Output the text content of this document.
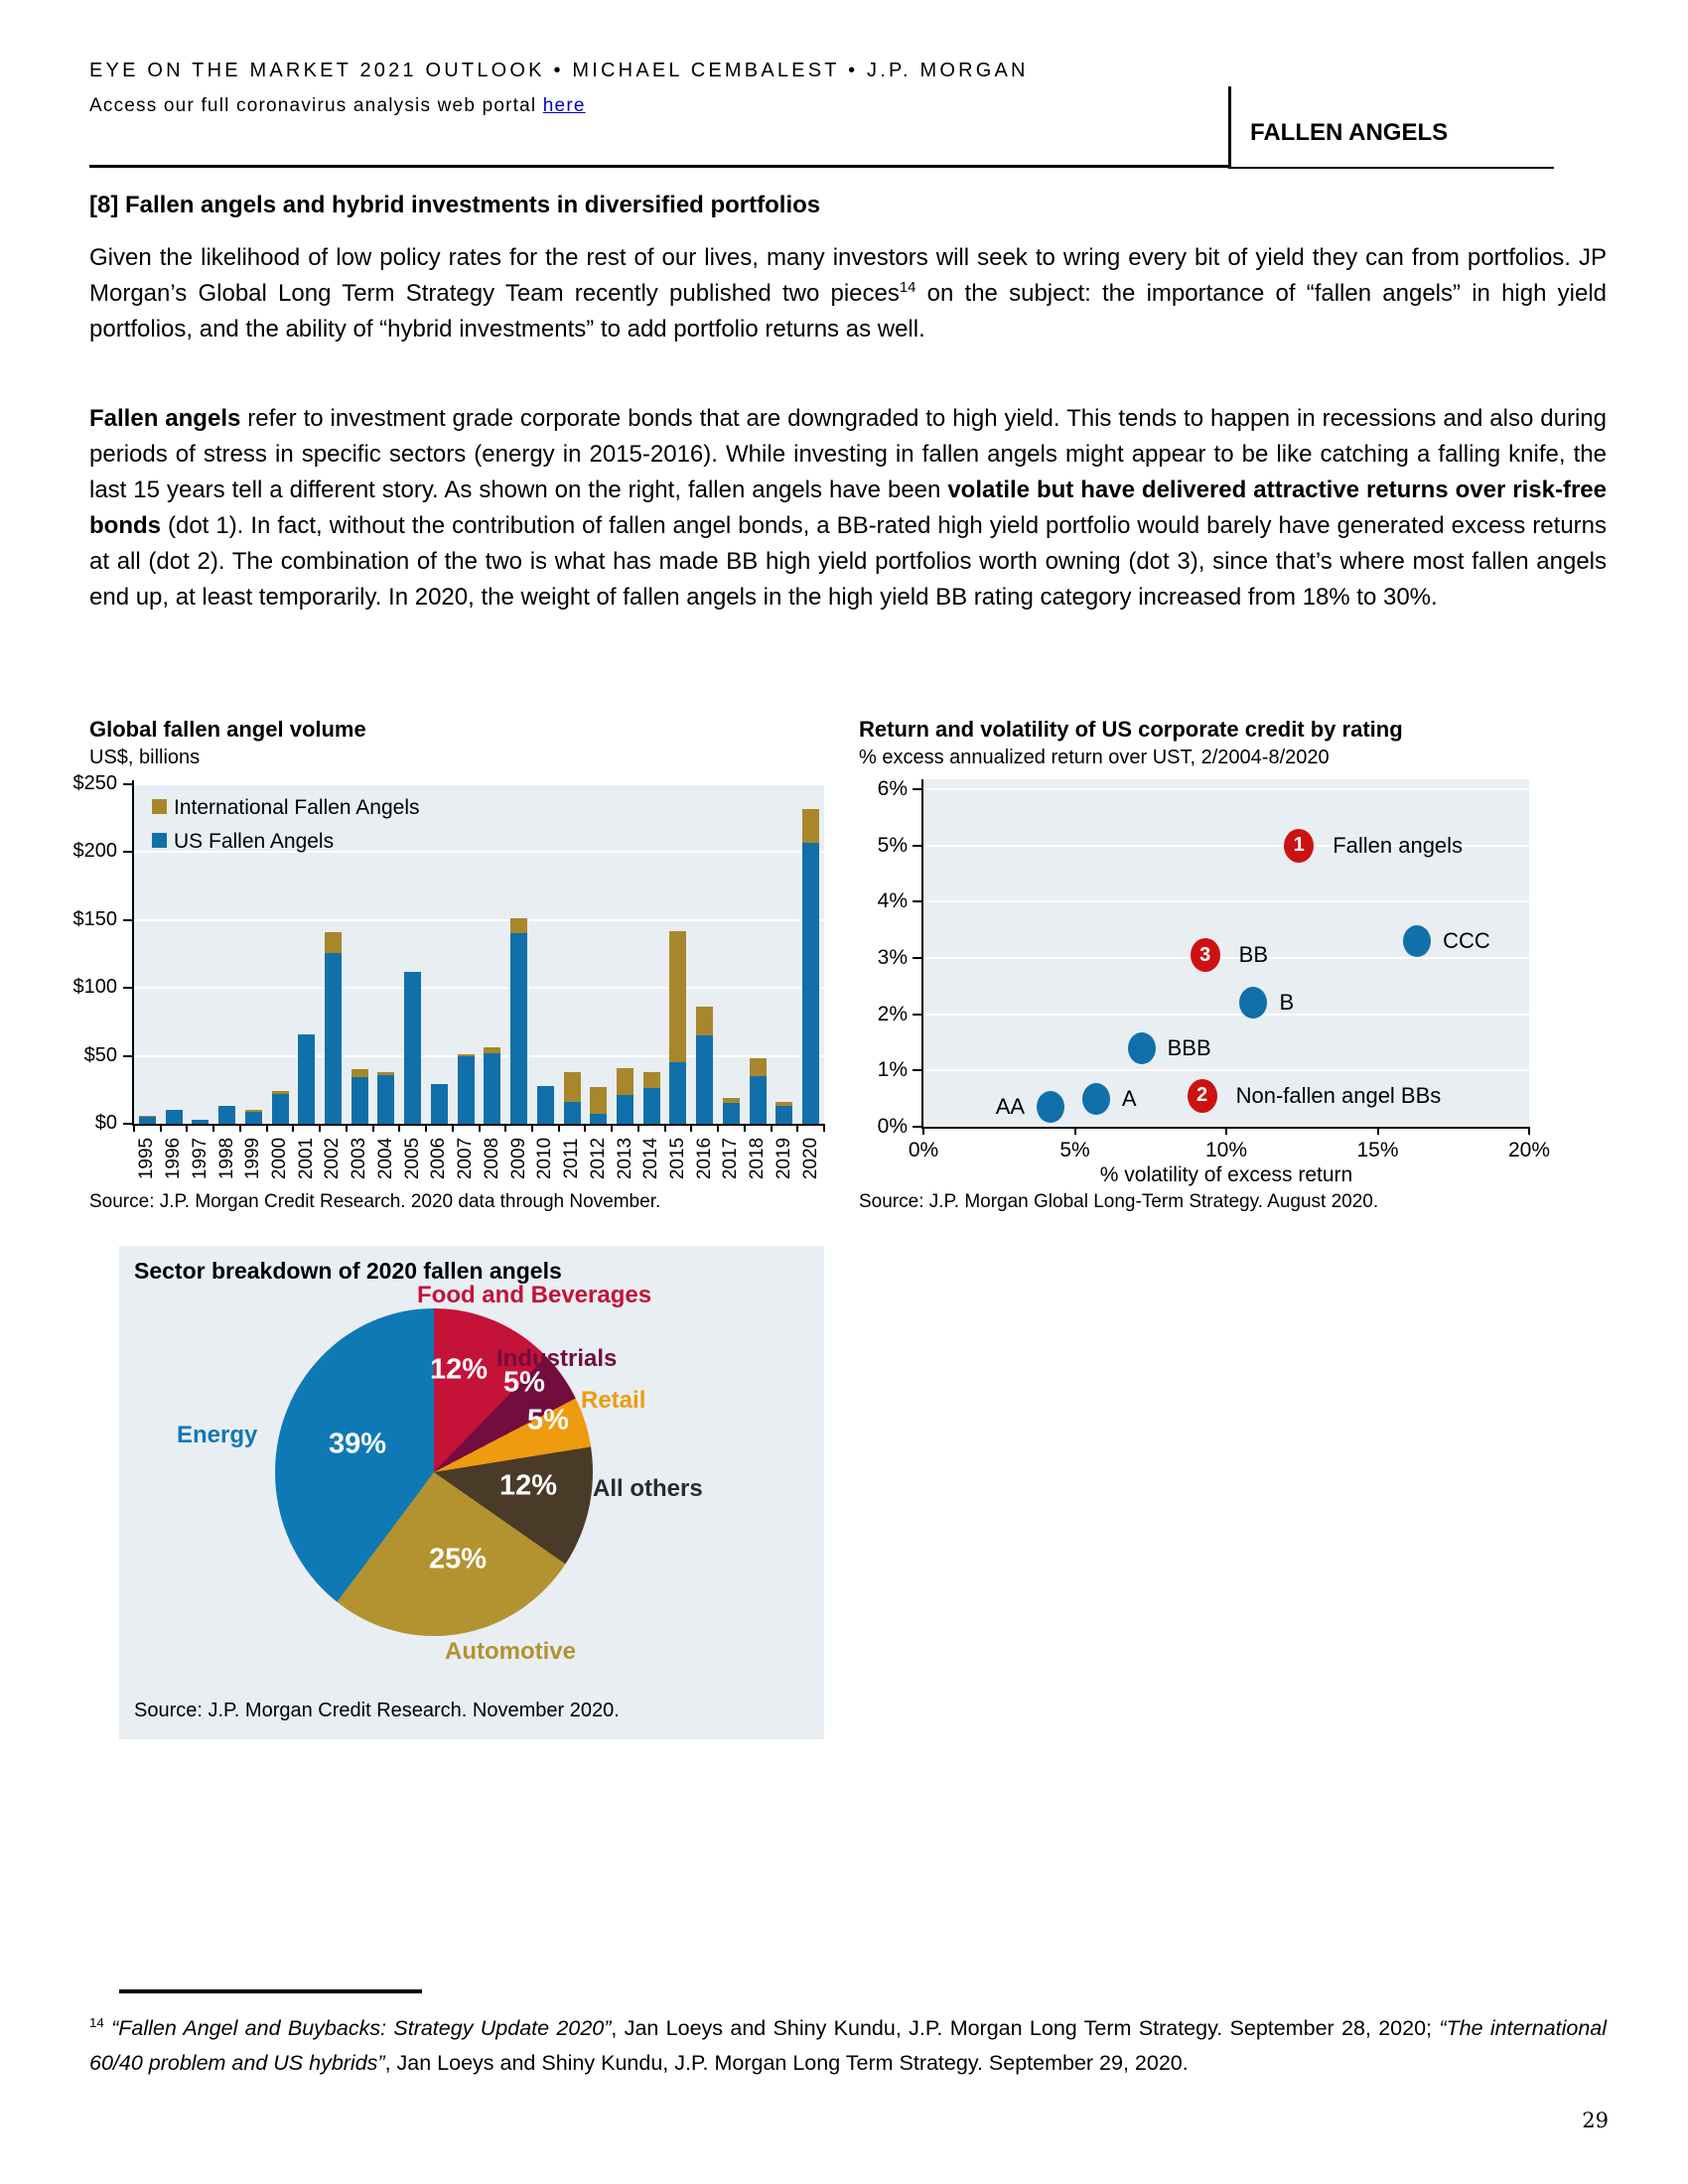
EYE ON THE MARKET 2021 OUTLOOK • MICHAEL CEMBALEST • J.P. MORGAN
Access our full coronavirus analysis web portal here
FALLEN ANGELS
[8] Fallen angels and hybrid investments in diversified portfolios
Given the likelihood of low policy rates for the rest of our lives, many investors will seek to wring every bit of yield they can from portfolios. JP Morgan’s Global Long Term Strategy Team recently published two pieces$^{14}$ on the subject: the importance of “fallen angels” in high yield portfolios, and the ability of “hybrid investments” to add portfolio returns as well.
Fallen angels refer to investment grade corporate bonds that are downgraded to high yield. This tends to happen in recessions and also during periods of stress in specific sectors (energy in 2015-2016). While investing in fallen angels might appear to be like catching a falling knife, the last 15 years tell a different story. As shown on the right, fallen angels have been volatile but have delivered attractive returns over risk-free bonds (dot 1). In fact, without the contribution of fallen angel bonds, a BB-rated high yield portfolio would barely have generated excess returns at all (dot 2). The combination of the two is what has made BB high yield portfolios worth owning (dot 3), since that’s where most fallen angels end up, at least temporarily. In 2020, the weight of fallen angels in the high yield BB rating category increased from 18% to 30%.
Global fallen angel volume
US$, billions
Source: J.P. Morgan Credit Research. 2020 data through November.
Return and volatility of US corporate credit by rating
% excess annualized return over UST, 2/2004-8/2020
% volatility of excess return
Source: J.P. Morgan Global Long-Term Strategy. August 2020.
Sector breakdown of 2020 fallen angels
Source: J.P. Morgan Credit Research. November 2020.
12%
Food and Beverages
5%
Industrials
5%
Retail
12% All others
25%
Automotive
39%
Energy
$^{14}$ “Fallen Angel and Buybacks: Strategy Update 2020”, Jan Loeys and Shiny Kundu, J.P. Morgan Long Term Strategy. September 28, 2020; “The international 60/40 problem and US hybrids”, Jan Loeys and Shiny Kundu, J.P. Morgan Long Term Strategy. September 29, 2020.
29
$0
$50
$100
$150
$200
$250
1995 1996 1997 1998 1999 2000 2001 2002 2003 2004 2005 2006 2007 2008 2009 2010 2011 2012 2013 2014 2015 2016 2017 2018 2019 2020
International Fallen Angels
US Fallen Angels
0%
1%
2%
3%
4%
5%
6%
0%	5%	10%	15%	20%
1	Fallen angels
CCC
3	BB
B
BBB
A
AA	2	Non-fallen angel BBs
